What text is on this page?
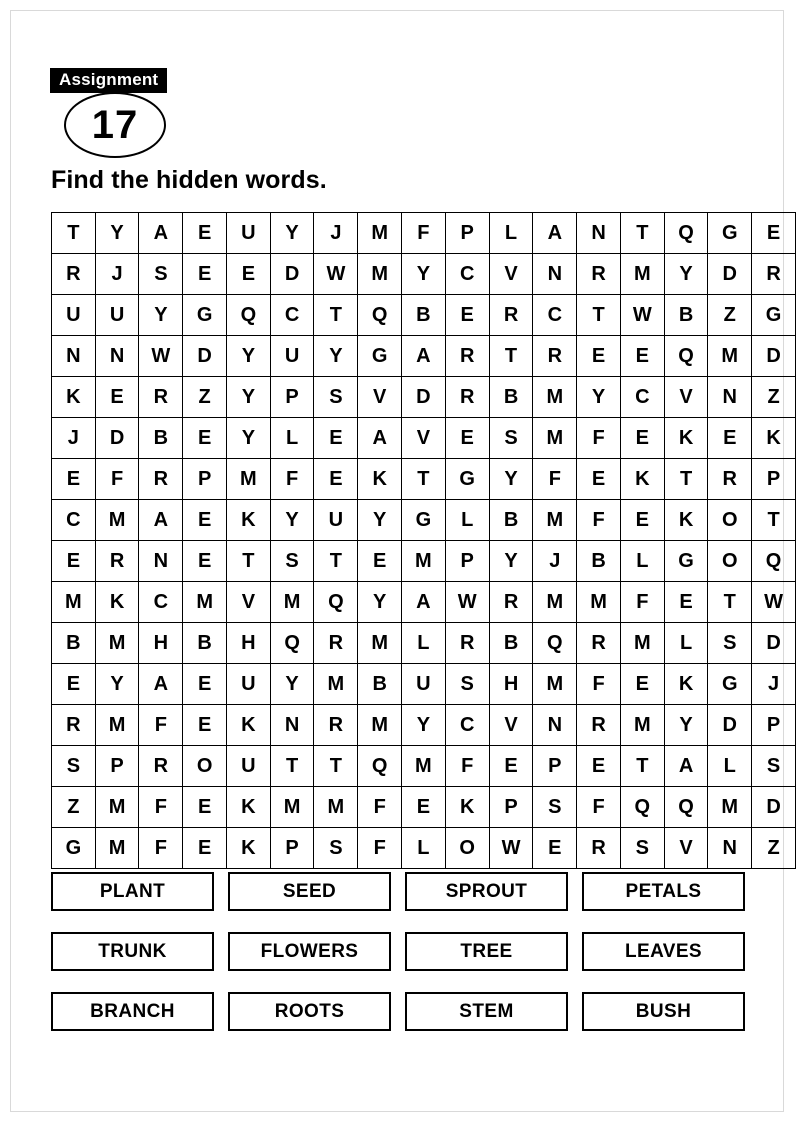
Assignment
17
Find the hidden words.
T	Y	A	E	U	Y	J	M	F	P	L	A	N	T	Q	G	E
R	J	S	E	E	D	W	M	Y	C	V	N	R	M	Y	D	R
U	U	Y	G	Q	C	T	Q	B	E	R	C	T	W	B	Z	G
N	N	W	D	Y	U	Y	G	A	R	T	R	E	E	Q	M	D
K	E	R	Z	Y	P	S	V	D	R	B	M	Y	C	V	N	Z
J	D	B	E	Y	L	E	A	V	E	S	M	F	E	K	E	K
E	F	R	P	M	F	E	K	T	G	Y	F	E	K	T	R	P
C	M	A	E	K	Y	U	Y	G	L	B	M	F	E	K	O	T
E	R	N	E	T	S	T	E	M	P	Y	J	B	L	G	O	Q
M	K	C	M	V	M	Q	Y	A	W	R	M	M	F	E	T	W
B	M	H	B	H	Q	R	M	L	R	B	Q	R	M	L	S	D
E	Y	A	E	U	Y	M	B	U	S	H	M	F	E	K	G	J
R	M	F	E	K	N	R	M	Y	C	V	N	R	M	Y	D	P
S	P	R	O	U	T	T	Q	M	F	E	P	E	T	A	L	S
Z	M	F	E	K	M	M	F	E	K	P	S	F	Q	Q	M	D
G	M	F	E	K	P	S	F	L	O	W	E	R	S	V	N	Z
PLANT	SEED	SPROUT	PETALS
TRUNK	FLOWERS	TREE	LEAVES
BRANCH	ROOTS	STEM	BUSH
